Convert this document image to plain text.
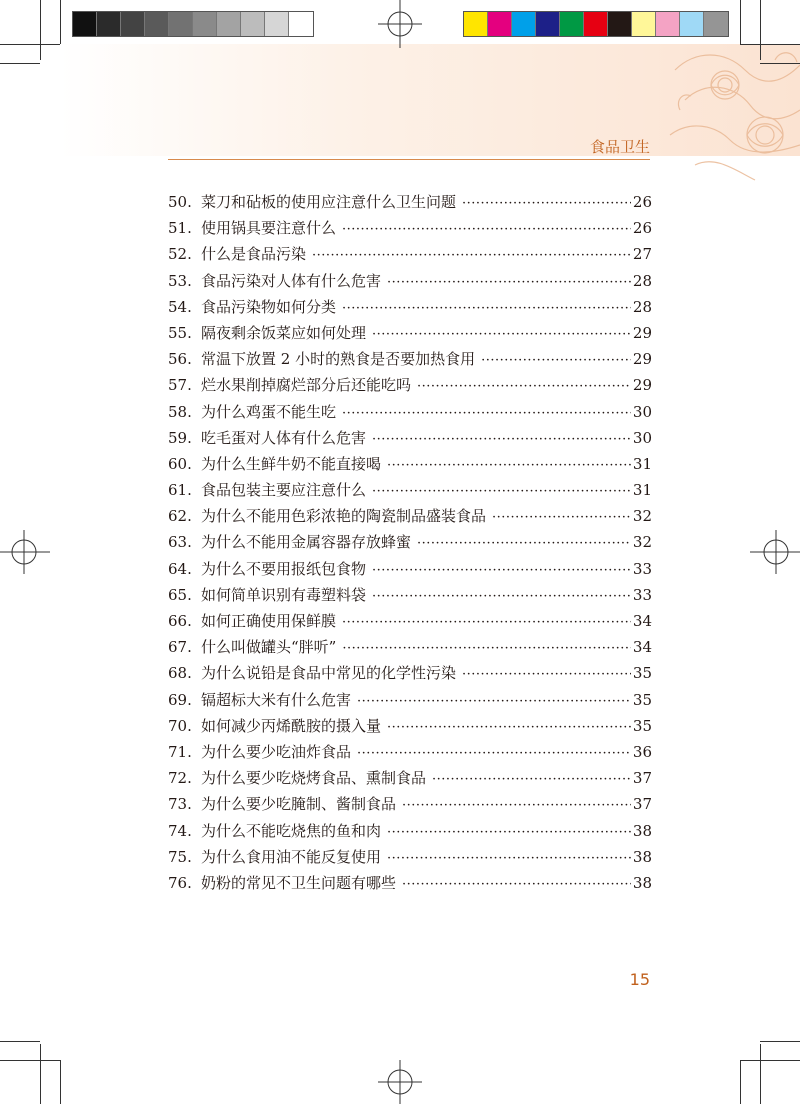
食品卫生
50. 菜刀和砧板的使用应注意什么卫生问题 ·····	26
51. 使用锅具要注意什么 ·····	26
52. 什么是食品污染 ·····	27
53. 食品污染对人体有什么危害 ·····	28
54. 食品污染物如何分类 ·····	28
55. 隔夜剩余饭菜应如何处理 ·····	29
56. 常温下放置 2 小时的熟食是否要加热食用 ·····	29
57. 烂水果削掉腐烂部分后还能吃吗 ·····	29
58. 为什么鸡蛋不能生吃 ·····	30
59. 吃毛蛋对人体有什么危害 ·····	30
60. 为什么生鲜牛奶不能直接喝 ·····	31
61. 食品包装主要应注意什么 ·····	31
62. 为什么不能用色彩浓艳的陶瓷制品盛装食品 ·····	32
63. 为什么不能用金属容器存放蜂蜜 ·····	32
64. 为什么不要用报纸包食物 ·····	33
65. 如何简单识别有毒塑料袋 ·····	33
66. 如何正确使用保鲜膜 ·····	34
67. 什么叫做罐头“胖听” ·····	34
68. 为什么说铅是食品中常见的化学性污染 ·····	35
69. 镉超标大米有什么危害 ·····	35
70. 如何减少丙烯酰胺的摄入量 ·····	35
71. 为什么要少吃油炸食品 ·····	36
72. 为什么要少吃烧烤食品、熏制食品 ·····	37
73. 为什么要少吃腌制、酱制食品 ·····	37
74. 为什么不能吃烧焦的鱼和肉 ·····	38
75. 为什么食用油不能反复使用 ·····	38
76. 奶粉的常见不卫生问题有哪些 ·····	38
15
